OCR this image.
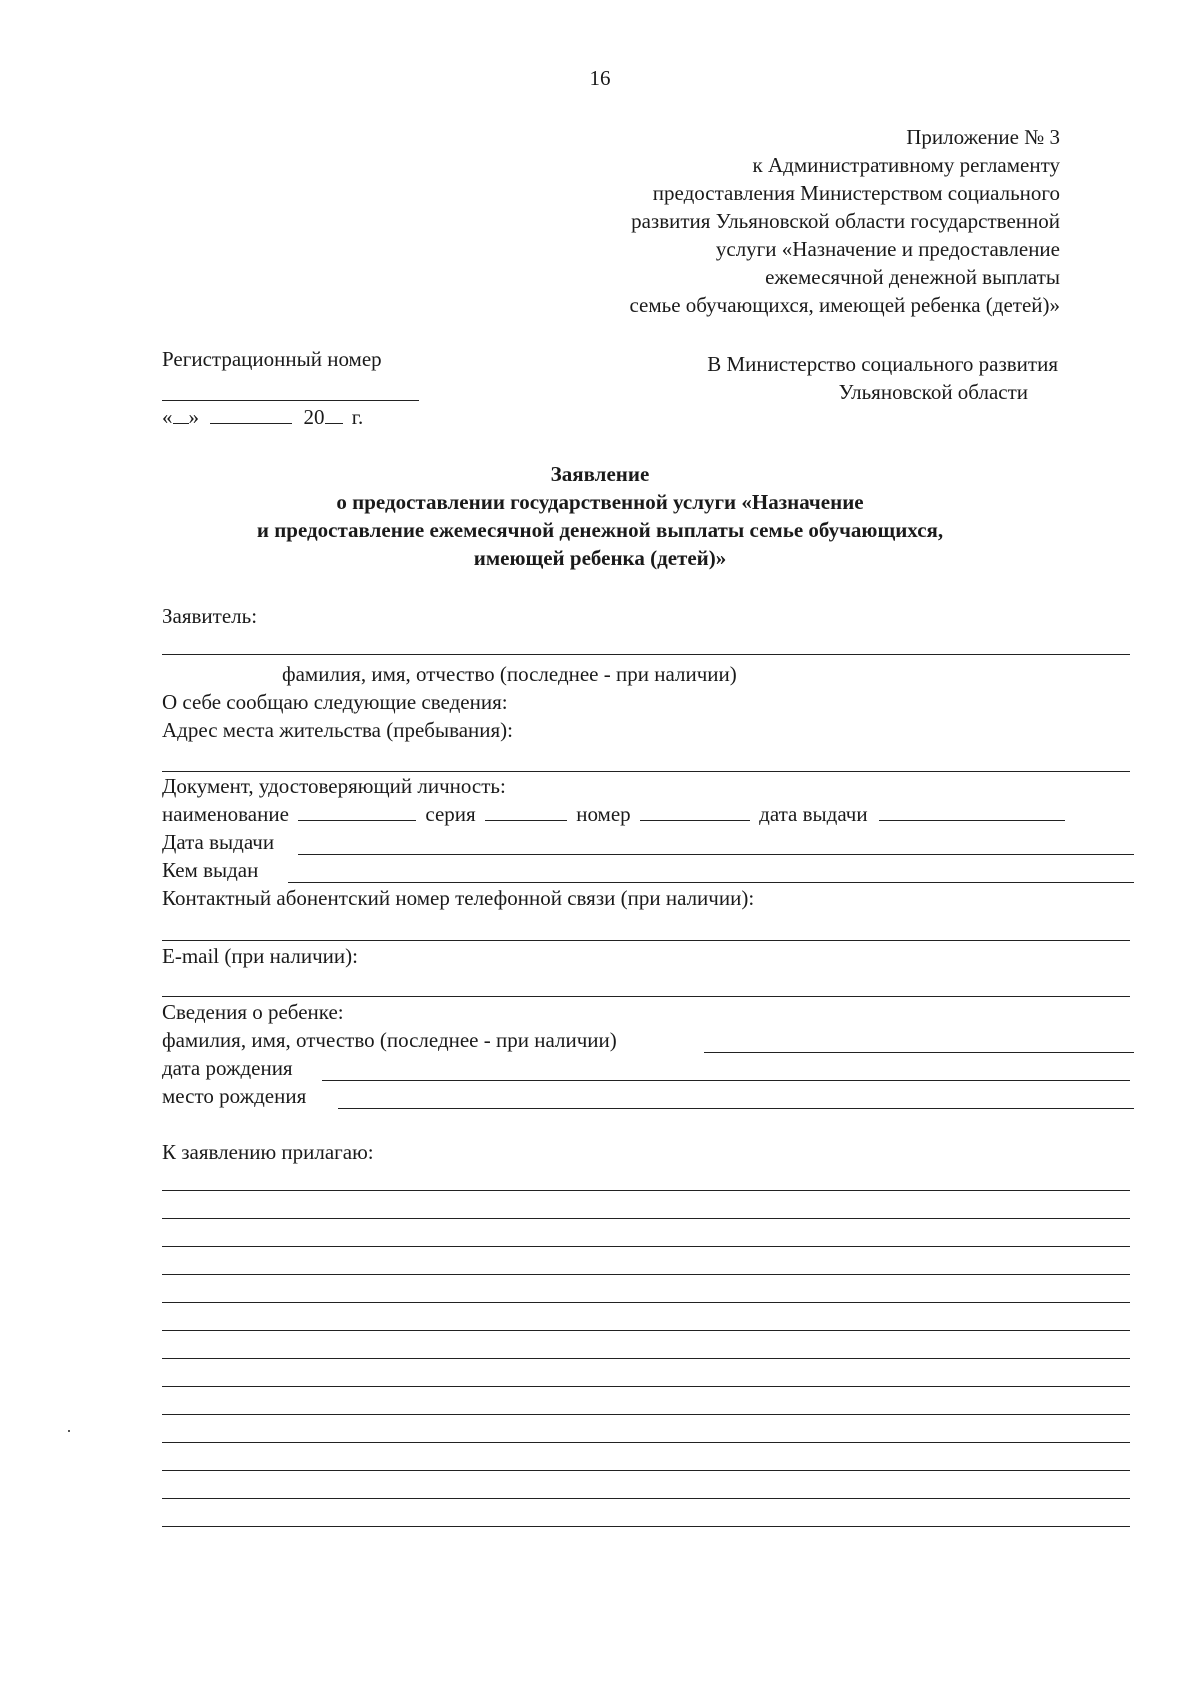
16
Приложение № 3
к Административному регламенту
предоставления Министерством социального
развития Ульяновской области государственной
услуги «Назначение и предоставление
ежемесячной денежной выплаты
семье обучающихся, имеющей ребенка (детей)»
Регистрационный номер
« »	20 г.
В Министерство социального развития
Ульяновской области
Заявление
о предоставлении государственной услуги «Назначение
и предоставление ежемесячной денежной выплаты семье обучающихся,
имеющей ребенка (детей)»
Заявитель:
фамилия, имя, отчество (последнее - при наличии)
О себе сообщаю следующие сведения:
Адрес места жительства (пребывания):
Документ, удостоверяющий личность:
наименование	серия	номер	дата выдачи
Дата выдачи
Кем выдан
Контактный абонентский номер телефонной связи (при наличии):
E-mail (при наличии):
Сведения о ребенке:
фамилия, имя, отчество (последнее - при наличии)
дата рождения
место рождения
К заявлению прилагаю:
